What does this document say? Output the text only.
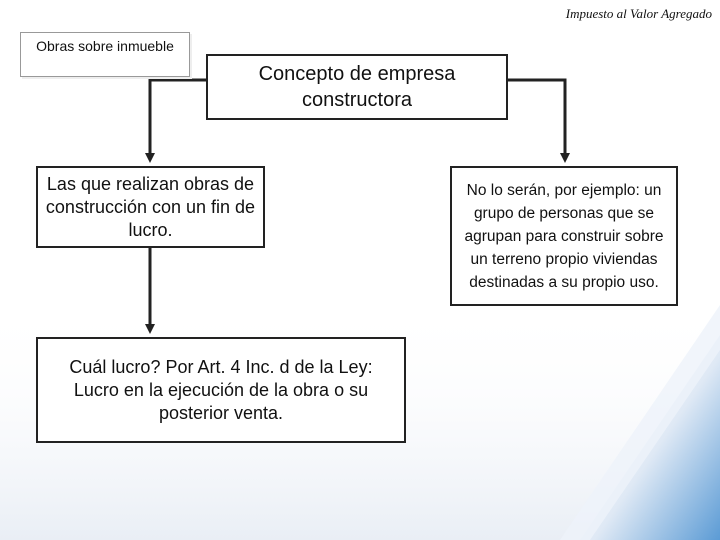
Impuesto al Valor Agregado
Obras sobre inmueble
Concepto de empresa constructora
Las que realizan obras de construcción con un fin de lucro.
No lo serán, por ejemplo: un grupo de personas que se agrupan para construir sobre un terreno propio viviendas destinadas a su propio uso.
Cuál lucro? Por Art. 4 Inc. d de la Ley: Lucro en la ejecución de la obra o su posterior venta.
